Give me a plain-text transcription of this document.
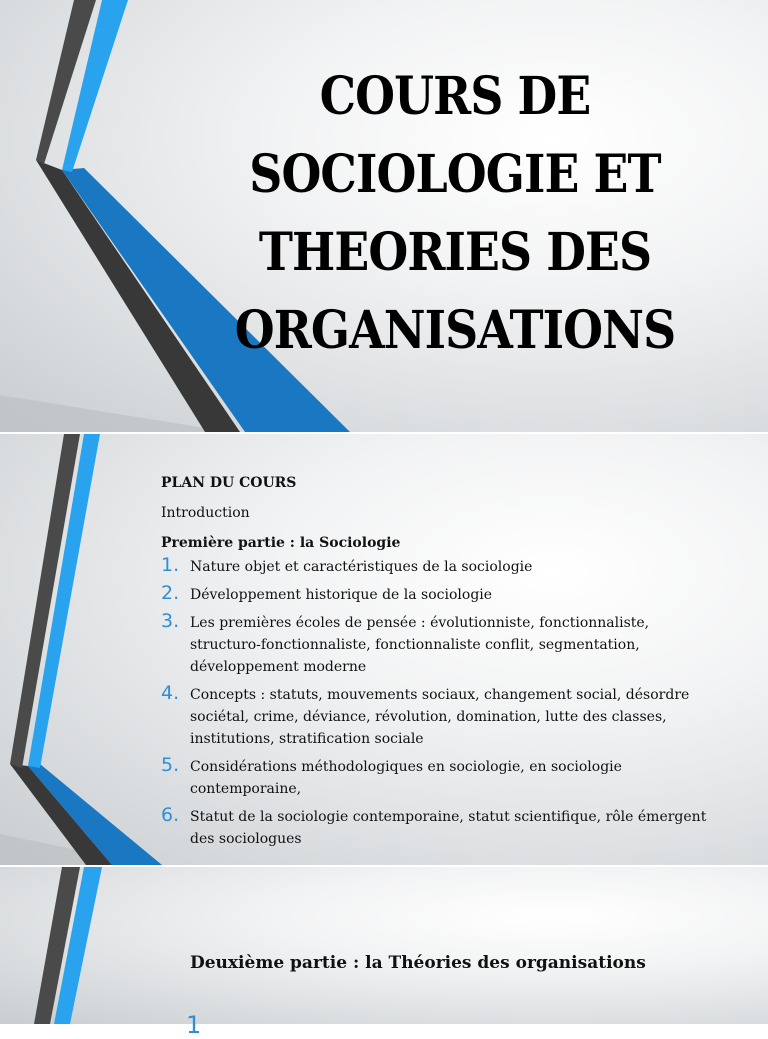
COURS DE SOCIOLOGIE ET THEORIES DES ORGANISATIONS

PLAN DU COURS

Introduction

Première partie : la Sociologie

1. Nature objet et caractéristiques de la sociologie
2. Développement historique de la sociologie
3. Les premières écoles de pensée : évolutionniste, fonctionnaliste, structuro-fonctionnaliste, fonctionnaliste conflit, segmentation, développement moderne
4. Concepts : statuts, mouvements sociaux, changement social, désordre sociétal, crime, déviance, révolution, domination, lutte des classes, institutions, stratification sociale
5. Considérations méthodologiques en sociologie, en sociologie contemporaine,
6. Statut de la sociologie contemporaine, statut scientifique, rôle émergent des sociologues
Deuxième partie : la Théories des organisations
1
